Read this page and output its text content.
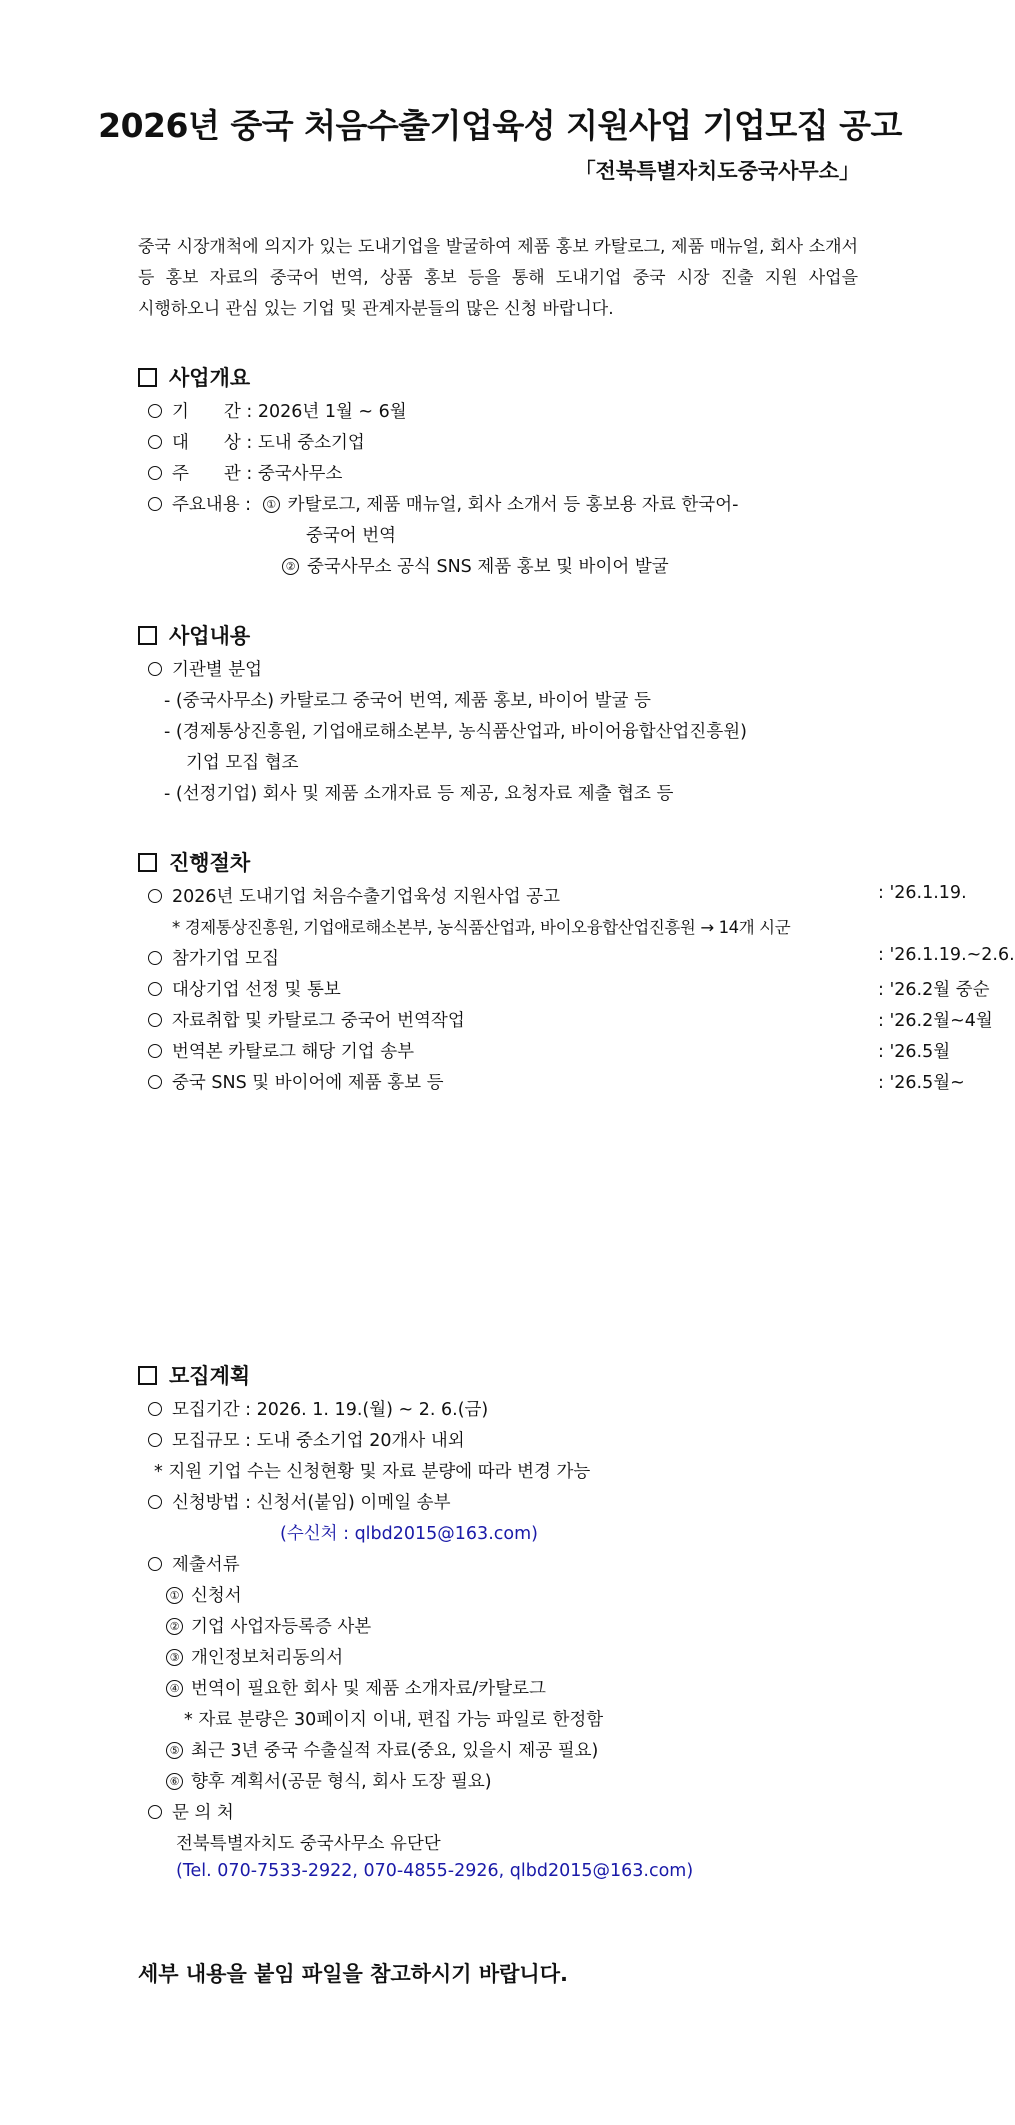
2026년 중국 처음수출기업육성 지원사업 기업모집 공고
「전북특별자치도중국사무소」
중국 시장개척에 의지가 있는 도내기업을 발굴하여 제품 홍보 카탈로그, 제품 매뉴얼, 회사 소개서 등 홍보 자료의 중국어 번역, 상품 홍보 등을 통해 도내기업 중국 시장 진출 지원 사업을 시행하오니 관심 있는 기업 및 관계자분들의 많은 신청 바랍니다.
사업개요
기　　간 : 2026년 1월 ~ 6월
대　　상 : 도내 중소기업
주　　관 : 중국사무소
주요내용 : ① 카탈로그, 제품 매뉴얼, 회사 소개서 등 홍보용 자료 한국어-
중국어 번역
② 중국사무소 공식 SNS 제품 홍보 및 바이어 발굴
사업내용
기관별 분업
- (중국사무소) 카탈로그 중국어 번역, 제품 홍보, 바이어 발굴 등
- (경제통상진흥원, 기업애로해소본부, 농식품산업과, 바이어융합산업진흥원)
기업 모집 협조
- (선정기업) 회사 및 제품 소개자료 등 제공, 요청자료 제출 협조 등
진행절차
2026년 도내기업 처음수출기업육성 지원사업 공고	: '26.1.19.
* 경제통상진흥원, 기업애로해소본부, 농식품산업과, 바이오융합산업진흥원 → 14개 시군
참가기업 모집	: '26.1.19.~2.6.
대상기업 선정 및 통보	: '26.2월 중순
자료취합 및 카탈로그 중국어 번역작업	: '26.2월~4월
번역본 카탈로그 해당 기업 송부	: '26.5월
중국 SNS 및 바이어에 제품 홍보 등	: '26.5월~
모집계획
모집기간 : 2026. 1. 19.(월) ~ 2. 6.(금)
모집규모 : 도내 중소기업 20개사 내외
* 지원 기업 수는 신청현황 및 자료 분량에 따라 변경 가능
신청방법 : 신청서(붙임) 이메일 송부
(수신처 : qlbd2015@163.com)
제출서류
① 신청서
② 기업 사업자등록증 사본
③ 개인정보처리동의서
④ 번역이 필요한 회사 및 제품 소개자료/카탈로그
* 자료 분량은 30페이지 이내, 편집 가능 파일로 한정함
⑤ 최근 3년 중국 수출실적 자료(중요, 있을시 제공 필요)
⑥ 향후 계획서(공문 형식, 회사 도장 필요)
문 의 처
전북특별자치도 중국사무소 유단단
(Tel. 070-7533-2922, 070-4855-2926, qlbd2015@163.com)
세부 내용을 붙임 파일을 참고하시기 바랍니다.
